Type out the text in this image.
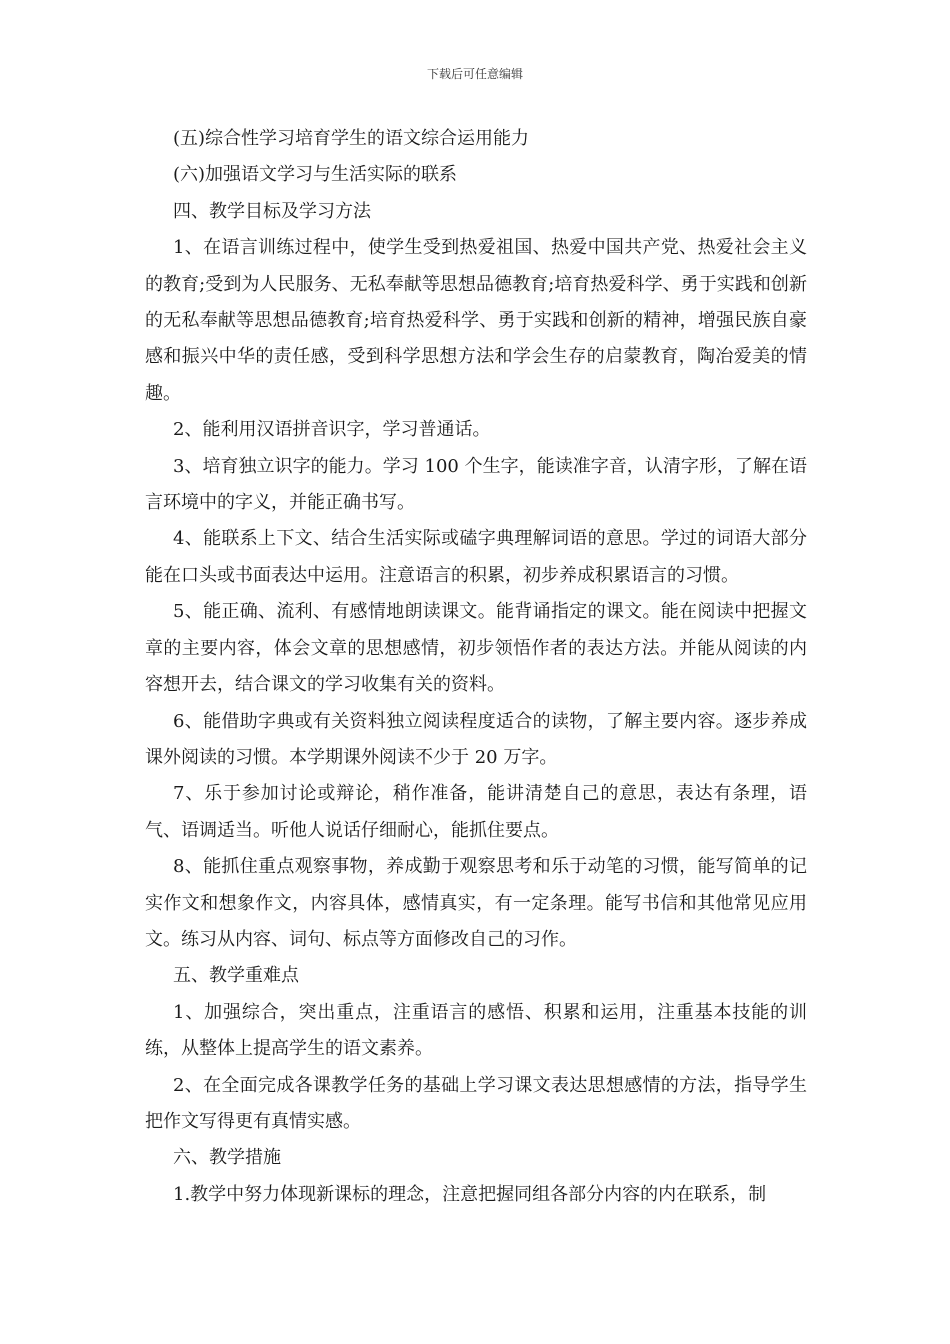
下载后可任意编辑

(五)综合性学习培育学生的语文综合运用能力

(六)加强语文学习与生活实际的联系

四、教学目标及学习方法

1、在语言训练过程中，使学生受到热爱祖国、热爱中国共产党、热爱社会主义的教育;受到为人民服务、无私奉献等思想品德教育;培育热爱科学、勇于实践和创新的无私奉献等思想品德教育;培育热爱科学、勇于实践和创新的精神，增强民族自豪感和振兴中华的责任感，受到科学思想方法和学会生存的启蒙教育，陶冶爱美的情趣。

2、能利用汉语拼音识字，学习普通话。

3、培育独立识字的能力。学习 100 个生字，能读准字音，认清字形，了解在语言环境中的字义，并能正确书写。

4、能联系上下文、结合生活实际或磕字典理解词语的意思。学过的词语大部分能在口头或书面表达中运用。注意语言的积累，初步养成积累语言的习惯。

5、能正确、流利、有感情地朗读课文。能背诵指定的课文。能在阅读中把握文章的主要内容，体会文章的思想感情，初步领悟作者的表达方法。并能从阅读的内容想开去，结合课文的学习收集有关的资料。

6、能借助字典或有关资料独立阅读程度适合的读物，了解主要内容。逐步养成课外阅读的习惯。本学期课外阅读不少于 20 万字。

7、乐于参加讨论或辩论，稍作准备，能讲清楚自己的意思，表达有条理，语气、语调适当。听他人说话仔细耐心，能抓住要点。

8、能抓住重点观察事物，养成勤于观察思考和乐于动笔的习惯，能写简单的记实作文和想象作文，内容具体，感情真实，有一定条理。能写书信和其他常见应用文。练习从内容、词句、标点等方面修改自己的习作。

五、教学重难点

1、加强综合，突出重点，注重语言的感悟、积累和运用，注重基本技能的训练，从整体上提高学生的语文素养。

2、在全面完成各课教学任务的基础上学习课文表达思想感情的方法，指导学生把作文写得更有真情实感。

六、教学措施

1.教学中努力体现新课标的理念，注意把握同组各部分内容的内在联系，制
